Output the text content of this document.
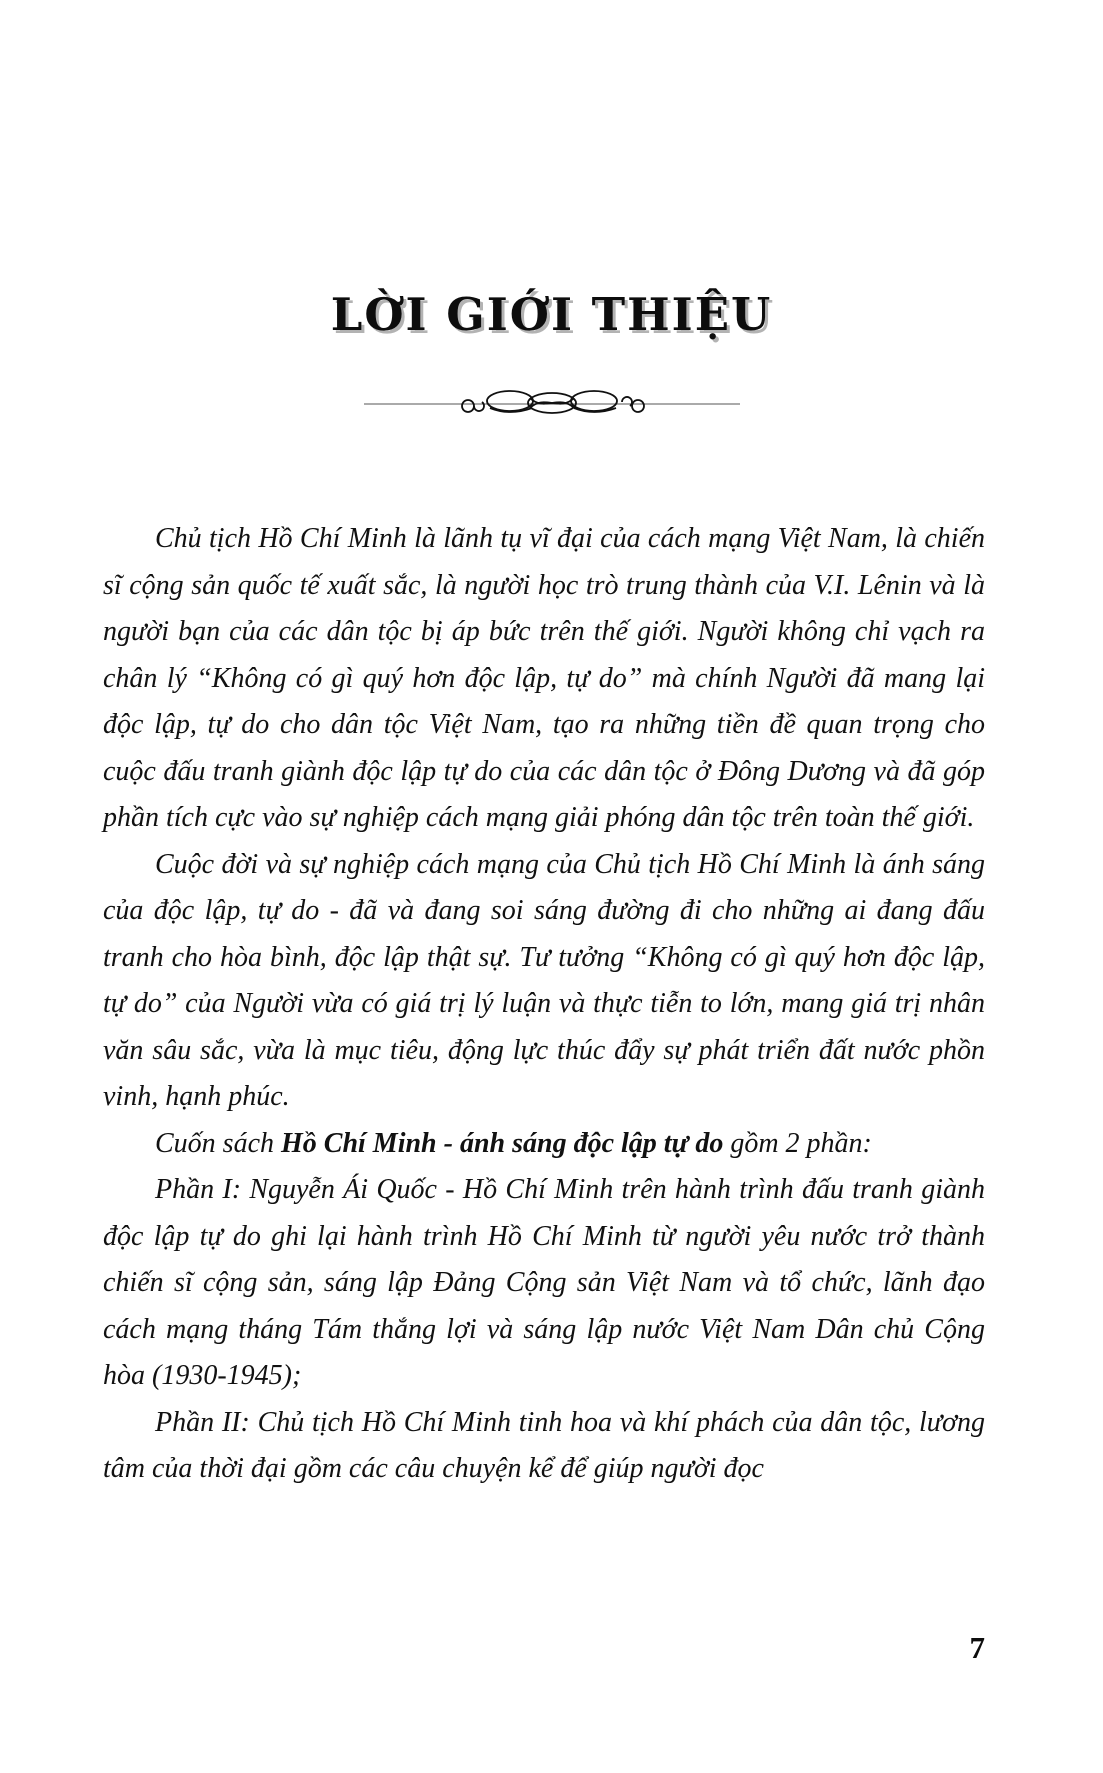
LỜI GIỚI THIỆU

Chủ tịch Hồ Chí Minh là lãnh tụ vĩ đại của cách mạng Việt Nam, là chiến sĩ cộng sản quốc tế xuất sắc, là người học trò trung thành của V.I. Lênin và là người bạn của các dân tộc bị áp bức trên thế giới. Người không chỉ vạch ra chân lý “Không có gì quý hơn độc lập, tự do” mà chính Người đã mang lại độc lập, tự do cho dân tộc Việt Nam, tạo ra những tiền đề quan trọng cho cuộc đấu tranh giành độc lập tự do của các dân tộc ở Đông Dương và đã góp phần tích cực vào sự nghiệp cách mạng giải phóng dân tộc trên toàn thế giới.

Cuộc đời và sự nghiệp cách mạng của Chủ tịch Hồ Chí Minh là ánh sáng của độc lập, tự do - đã và đang soi sáng đường đi cho những ai đang đấu tranh cho hòa bình, độc lập thật sự. Tư tưởng “Không có gì quý hơn độc lập, tự do” của Người vừa có giá trị lý luận và thực tiễn to lớn, mang giá trị nhân văn sâu sắc, vừa là mục tiêu, động lực thúc đẩy sự phát triển đất nước phồn vinh, hạnh phúc.

Cuốn sách Hồ Chí Minh - ánh sáng độc lập tự do gồm 2 phần:

Phần I: Nguyễn Ái Quốc - Hồ Chí Minh trên hành trình đấu tranh giành độc lập tự do ghi lại hành trình Hồ Chí Minh từ người yêu nước trở thành chiến sĩ cộng sản, sáng lập Đảng Cộng sản Việt Nam và tổ chức, lãnh đạo cách mạng tháng Tám thắng lợi và sáng lập nước Việt Nam Dân chủ Cộng hòa (1930-1945);

Phần II: Chủ tịch Hồ Chí Minh tinh hoa và khí phách của dân tộc, lương tâm của thời đại gồm các câu chuyện kể để giúp người đọc

7
